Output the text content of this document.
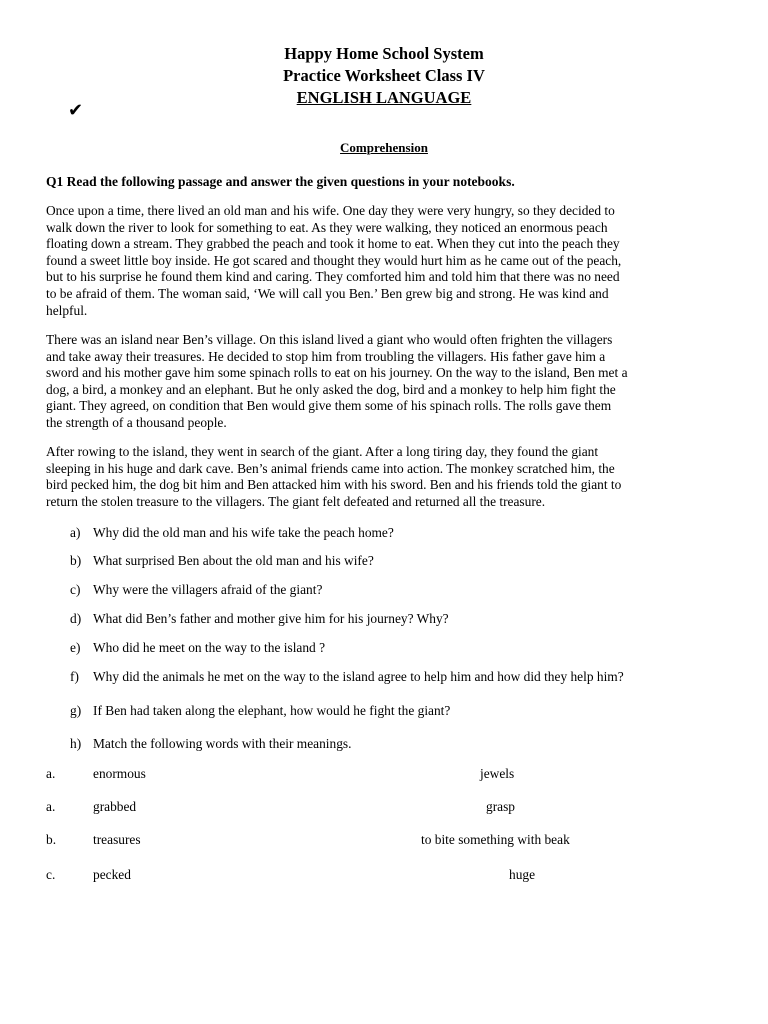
Happy Home School System
Practice Worksheet Class IV
ENGLISH LANGUAGE
✔
Comprehension
Q1 Read the following passage and answer the given questions in your notebooks.
Once upon a time, there lived an old man and his wife. One day they were very hungry, so they decided to
walk down the river to look for something to eat. As they were walking, they noticed an enormous peach
floating down a stream. They grabbed the peach and took it home to eat. When they cut into the peach they
found a sweet little boy inside. He got scared and thought they would hurt him as he came out of the peach,
but to his surprise he found them kind and caring. They comforted him and told him that there was no need
to be afraid of them. The woman said, ‘We will call you Ben.’ Ben grew big and strong. He was kind and
helpful.
There was an island near Ben’s village. On this island lived a giant who would often frighten the villagers
and take away their treasures. He decided to stop him from troubling the villagers. His father gave him a
sword and his mother gave him some spinach rolls to eat on his journey. On the way to the island, Ben met a
dog, a bird, a monkey and an elephant. But he only asked the dog, bird and a monkey to help him fight the
giant. They agreed, on condition that Ben would give them some of his spinach rolls. The rolls gave them
the strength of a thousand people.
After rowing to the island, they went in search of the giant. After a long tiring day, they found the giant
sleeping in his huge and dark cave. Ben’s animal friends came into action. The monkey scratched him, the
bird pecked him, the dog bit him and Ben attacked him with his sword. Ben and his friends told the giant to
return the stolen treasure to the villagers. The giant felt defeated and returned all the treasure.
a) Why did the old man and his wife take the peach home?
b) What surprised Ben about the old man and his wife?
c) Why were the villagers afraid of the giant?
d) What did Ben’s father and mother give him for his journey? Why?
e) Who did he meet on the way to the island ?
f) Why did the animals he met on the way to the island agree to help him and how did they help him?
g) If Ben had taken along the elephant, how would he fight the giant?
h) Match the following words with their meanings.
a.	enormous	jewels
a.	grabbed	grasp
b.	treasures	to bite something with beak
c.	pecked	huge
